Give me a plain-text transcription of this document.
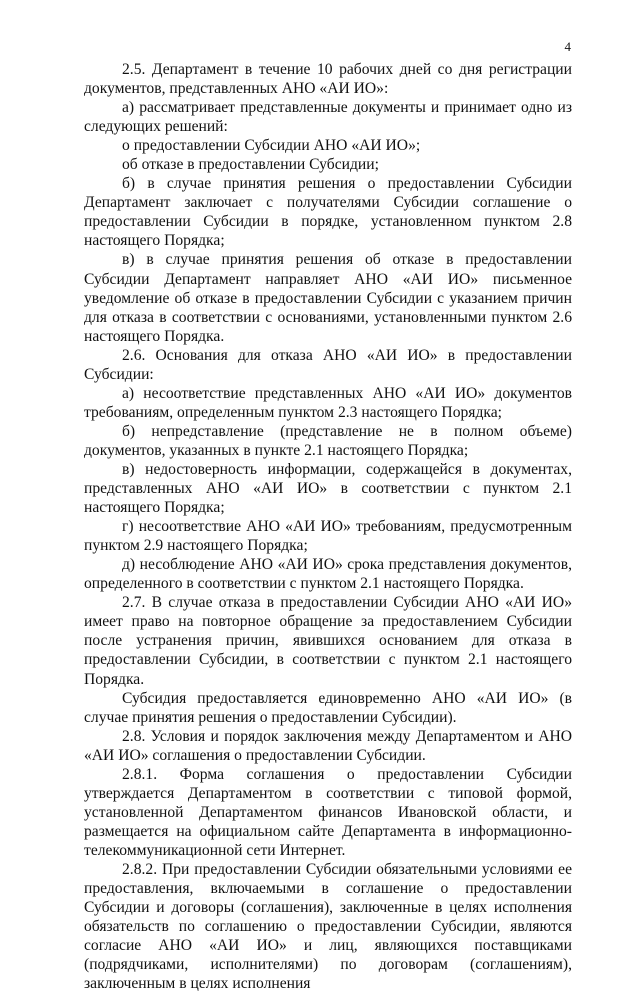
4

2.5. Департамент в течение 10 рабочих дней со дня регистрации документов, представленных АНО «АИ ИО»:

а) рассматривает представленные документы и принимает одно из следующих решений:

о предоставлении Субсидии АНО «АИ ИО»;

об отказе в предоставлении Субсидии;

б) в случае принятия решения о предоставлении Субсидии Департамент заключает с получателями Субсидии соглашение о предоставлении Субсидии в порядке, установленном пунктом 2.8 настоящего Порядка;

в) в случае принятия решения об отказе в предоставлении Субсидии Департамент направляет АНО «АИ ИО» письменное уведомление об отказе в предоставлении Субсидии с указанием причин для отказа в соответствии с основаниями, установленными пунктом 2.6 настоящего Порядка.

2.6. Основания для отказа АНО «АИ ИО» в предоставлении Субсидии:

а) несоответствие представленных АНО «АИ ИО» документов требованиям, определенным пунктом 2.3 настоящего Порядка;

б) непредставление (представление не в полном объеме) документов, указанных в пункте 2.1 настоящего Порядка;

в) недостоверность информации, содержащейся в документах, представленных АНО «АИ ИО» в соответствии с пунктом 2.1 настоящего Порядка;

г) несоответствие АНО «АИ ИО» требованиям, предусмотренным пунктом 2.9 настоящего Порядка;

д) несоблюдение АНО «АИ ИО» срока представления документов, определенного в соответствии с пунктом 2.1 настоящего Порядка.

2.7. В случае отказа в предоставлении Субсидии АНО «АИ ИО» имеет право на повторное обращение за предоставлением Субсидии после устранения причин, явившихся основанием для отказа в предоставлении Субсидии, в соответствии с пунктом 2.1 настоящего Порядка.

Субсидия предоставляется единовременно АНО «АИ ИО» (в случае принятия решения о предоставлении Субсидии).

2.8. Условия и порядок заключения между Департаментом и АНО «АИ ИО» соглашения о предоставлении Субсидии.

2.8.1. Форма соглашения о предоставлении Субсидии утверждается Департаментом в соответствии с типовой формой, установленной Департаментом финансов Ивановской области, и размещается на официальном сайте Департамента в информационно-телекоммуникационной сети Интернет.

2.8.2. При предоставлении Субсидии обязательными условиями ее предоставления, включаемыми в соглашение о предоставлении Субсидии и договоры (соглашения), заключенные в целях исполнения обязательств по соглашению о предоставлении Субсидии, являются согласие АНО «АИ ИО» и лиц, являющихся поставщиками (подрядчиками, исполнителями) по договорам (соглашениям), заключенным в целях исполнения
